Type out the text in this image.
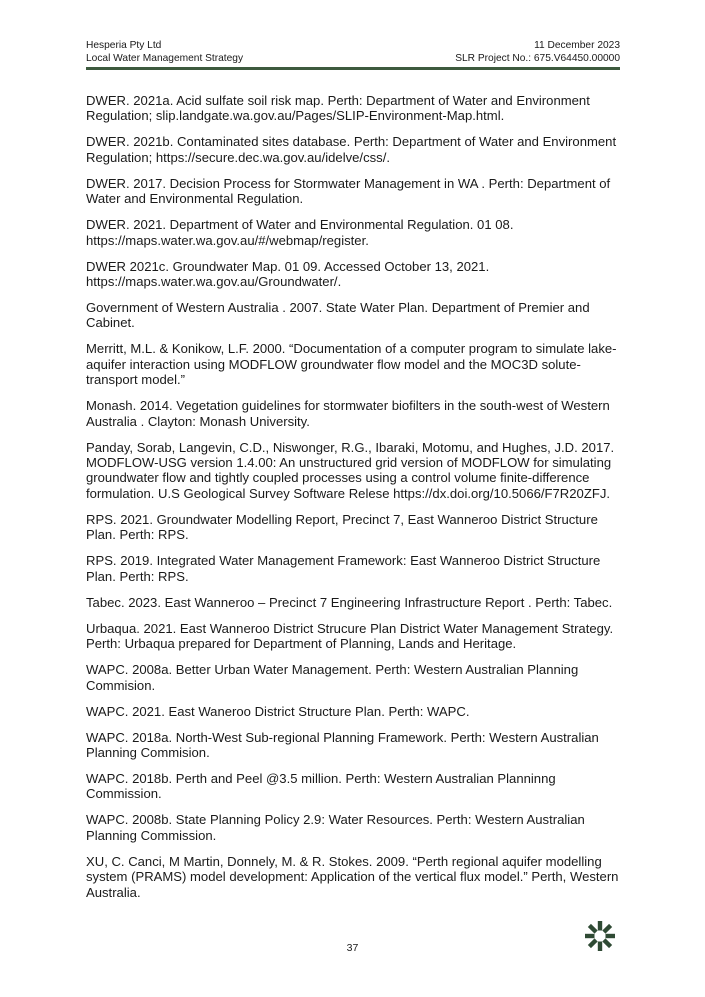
Hesperia Pty Ltd
Local Water Management Strategy
11 December 2023
SLR Project No.: 675.V64450.00000

DWER. 2021a. Acid sulfate soil risk map. Perth: Department of Water and Environment Regulation; slip.landgate.wa.gov.au/Pages/SLIP-Environment-Map.html.

DWER. 2021b. Contaminated sites database. Perth: Department of Water and Environment Regulation; https://secure.dec.wa.gov.au/idelve/css/.

DWER. 2017. Decision Process for Stormwater Management in WA . Perth: Department of Water and Environmental Regulation.

DWER. 2021. Department of Water and Environmental Regulation. 01 08. https://maps.water.wa.gov.au/#/webmap/register.

DWER 2021c. Groundwater Map. 01 09. Accessed October 13, 2021. https://maps.water.wa.gov.au/Groundwater/.

Government of Western Australia . 2007. State Water Plan. Department of Premier and Cabinet.

Merritt, M.L. & Konikow, L.F. 2000. “Documentation of a computer program to simulate lake-aquifer interaction using MODFLOW groundwater flow model and the MOC3D solute-transport model.”

Monash. 2014. Vegetation guidelines for stormwater biofilters in the south-west of Western Australia . Clayton: Monash University.

Panday, Sorab, Langevin, C.D., Niswonger, R.G., Ibaraki, Motomu, and Hughes, J.D. 2017. MODFLOW-USG version 1.4.00: An unstructured grid version of MODFLOW for simulating groundwater flow and tightly coupled processes using a control volume finite-difference formulation. U.S Geological Survey Software Relese https://dx.doi.org/10.5066/F7R20ZFJ.

RPS. 2021. Groundwater Modelling Report, Precinct 7, East Wanneroo District Structure Plan. Perth: RPS.

RPS. 2019. Integrated Water Management Framework: East Wanneroo District Structure Plan. Perth: RPS.

Tabec. 2023. East Wanneroo – Precinct 7 Engineering Infrastructure Report . Perth: Tabec.

Urbaqua. 2021. East Wanneroo District Strucure Plan District Water Management Strategy. Perth: Urbaqua prepared for Department of Planning, Lands and Heritage.

WAPC. 2008a. Better Urban Water Management. Perth: Western Australian Planning Commision.

WAPC. 2021. East Waneroo District Structure Plan. Perth: WAPC.

WAPC. 2018a. North-West Sub-regional Planning Framework. Perth: Western Australian Planning Commision.

WAPC. 2018b. Perth and Peel @3.5 million. Perth: Western Australian Planninng Commission.

WAPC. 2008b. State Planning Policy 2.9: Water Resources. Perth: Western Australian Planning Commission.

XU, C. Canci, M Martin, Donnely, M. & R. Stokes. 2009. “Perth regional aquifer modelling system (PRAMS) model development: Application of the vertical flux model.” Perth, Western Australia.

37
